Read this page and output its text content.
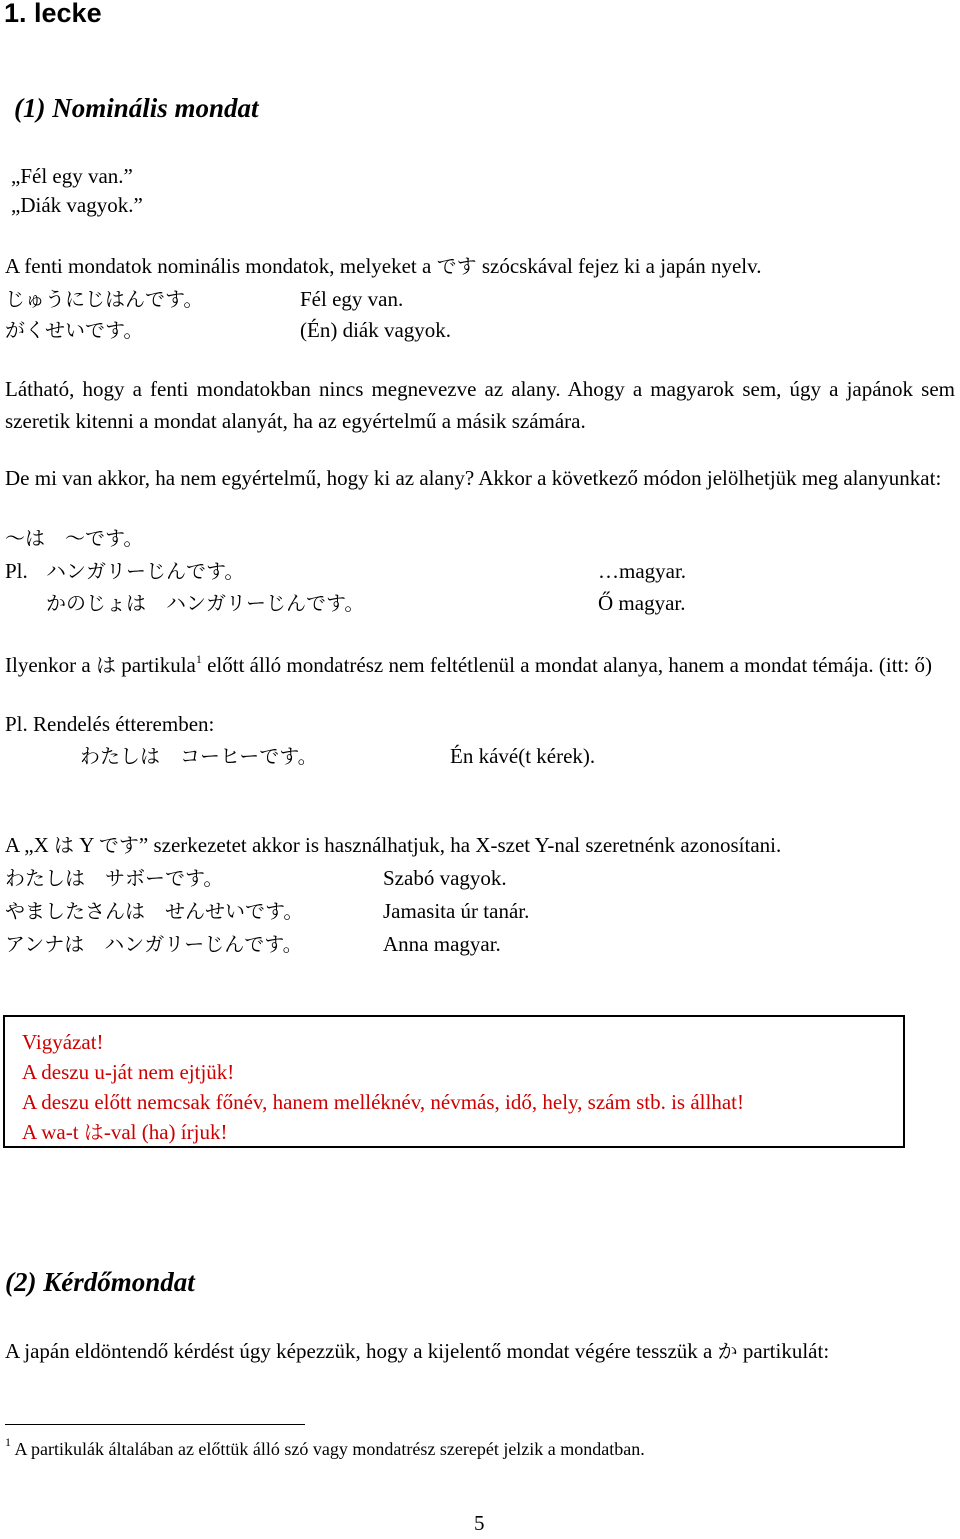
1. lecke
(1) Nominális mondat
„Fél egy van.”
„Diák vagyok.”
A fenti mondatok nominális mondatok, melyeket a です szócskával fejez ki a japán nyelv.
じゅうにじはんです。	Fél egy van.
がくせいです。	(Én) diák vagyok.
Látható, hogy a fenti mondatokban nincs megnevezve az alany. Ahogy a magyarok sem, úgy a japánok sem szeretik kitenni a mondat alanyát, ha az egyértelmű a másik számára.
De mi van akkor, ha nem egyértelmű, hogy ki az alany? Akkor a következő módon jelölhetjük meg alanyunkat:
～は　～です。
Pl. ハンガリーじんです。	…magyar.
かのじょは　ハンガリーじんです。	Ő magyar.
Ilyenkor a は partikula$^1$ előtt álló mondatrész nem feltétlenül a mondat alanya, hanem a mondat témája. (itt: ő)
Pl. Rendelés étteremben:
わたしは　コーヒーです。	Én kávé(t kérek).
A „X は Y です” szerkezetet akkor is használhatjuk, ha X-szet Y-nal szeretnénk azonosítani.
わたしは　サボーです。	Szabó vagyok.
やましたさんは　せんせいです。	Jamasita úr tanár.
アンナは　ハンガリーじんです。	Anna magyar.
Vigyázat!
A deszu u-ját nem ejtjük!
A deszu előtt nemcsak főnév, hanem melléknév, névmás, idő, hely, szám stb. is állhat!
A wa-t は-val (ha) írjuk!
(2) Kérdőmondat
A japán eldöntendő kérdést úgy képezzük, hogy a kijelentő mondat végére tesszük a か partikulát:
$^1$ A partikulák általában az előttük álló szó vagy mondatrész szerepét jelzik a mondatban.
5
